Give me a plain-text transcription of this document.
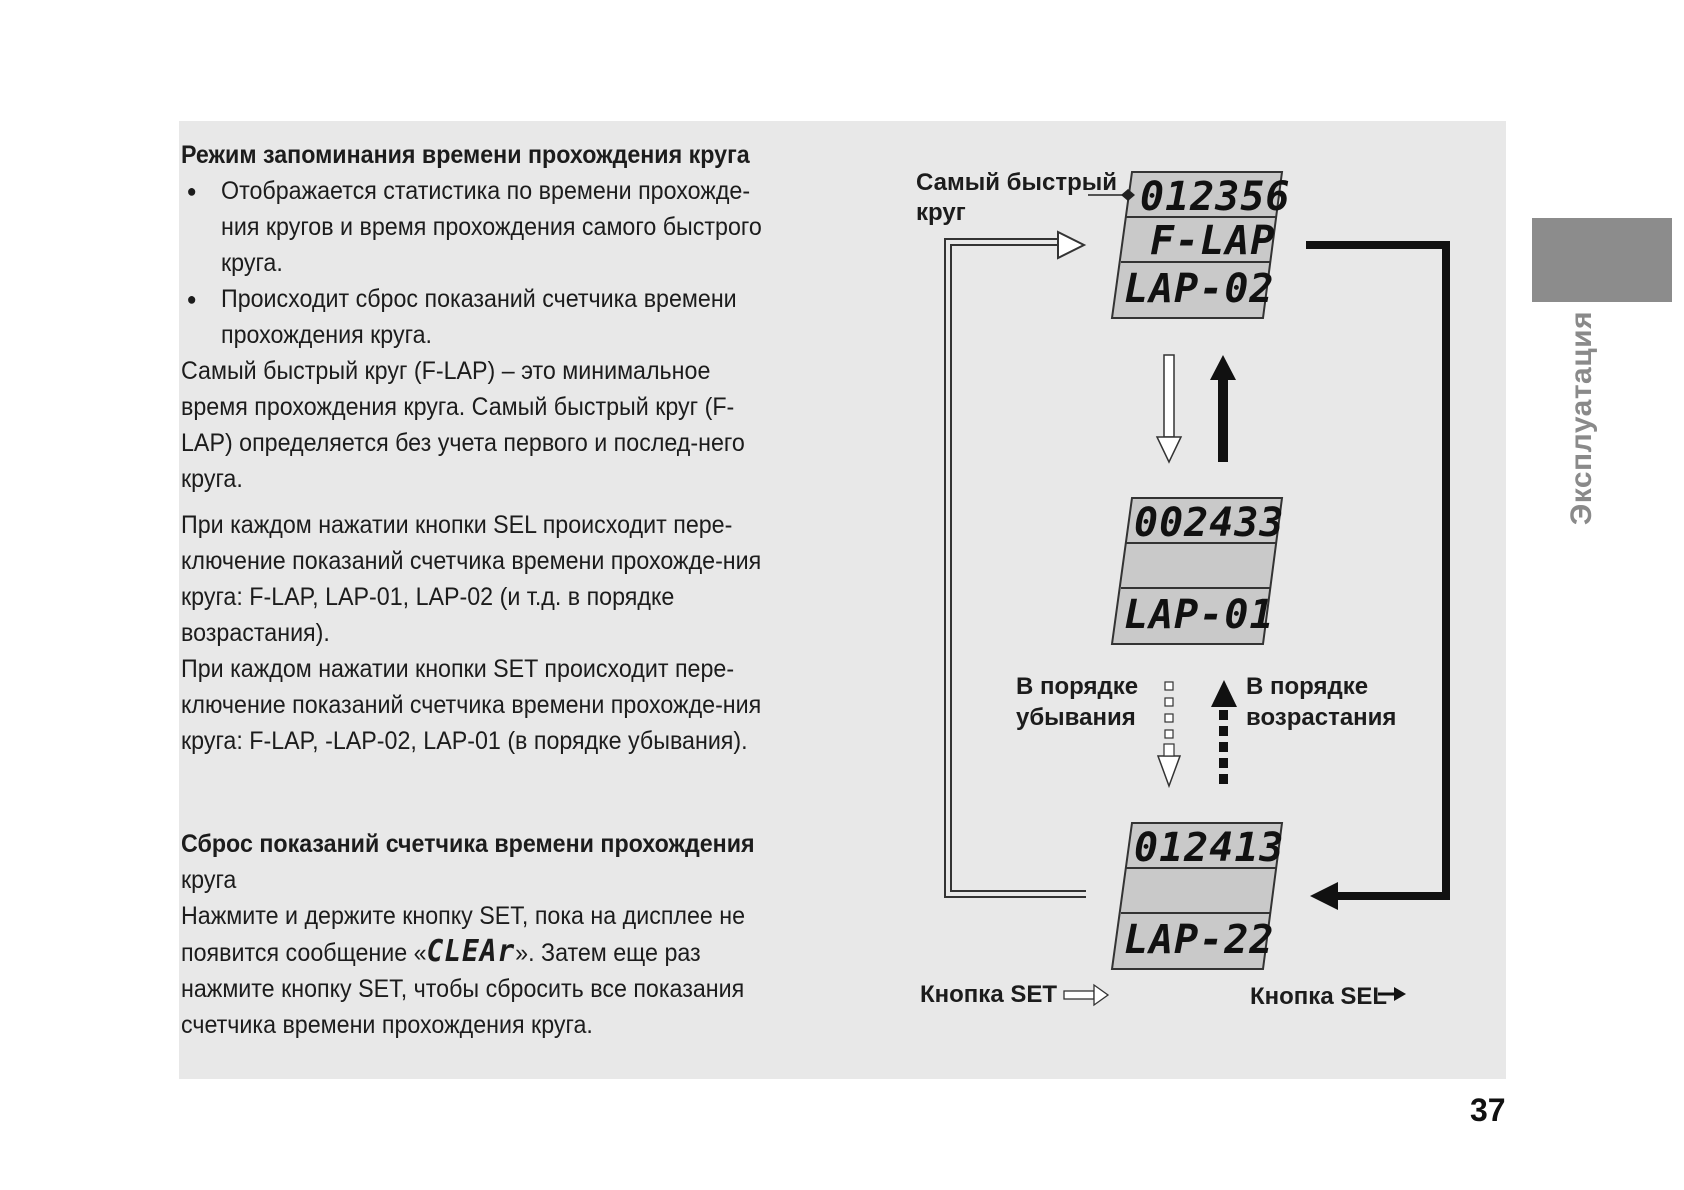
Эксплуатация

Режим запоминания времени прохождения круга

● Отображается статистика по времени прохожде-ния кругов и время прохождения самого быстрого круга.
● Происходит сброс показаний счетчика времени прохождения круга.

Самый быстрый круг (F-LAP) – это минимальное время прохождения круга. Самый быстрый круг (F-LAP) определяется без учета первого и послед-него круга.

При каждом нажатии кнопки SEL происходит пере-ключение показаний счетчика времени прохожде-ния круга: F-LAP, LAP-01, LAP-02 (и т.д. в порядке возрастания).

При каждом нажатии кнопки SET происходит пере-ключение показаний счетчика времени прохожде-ния круга: F-LAP, -LAP-02, LAP-01 (в порядке убывания).

Сброс показаний счетчика времени прохождения

круга

Нажмите и держите кнопку SET, пока на дисплее не появится сообщение «CLEAr». Затем еще раз нажмите кнопку SET, чтобы сбросить все показания счетчика времени прохождения круга.

012356
F-LAP
LAP-02
002433
LAP-01
012413
LAP-22
Самый быстрый
круг
В порядке
убывания
В порядке
возрастания
Кнопка SET	Кнопка SEL
37
